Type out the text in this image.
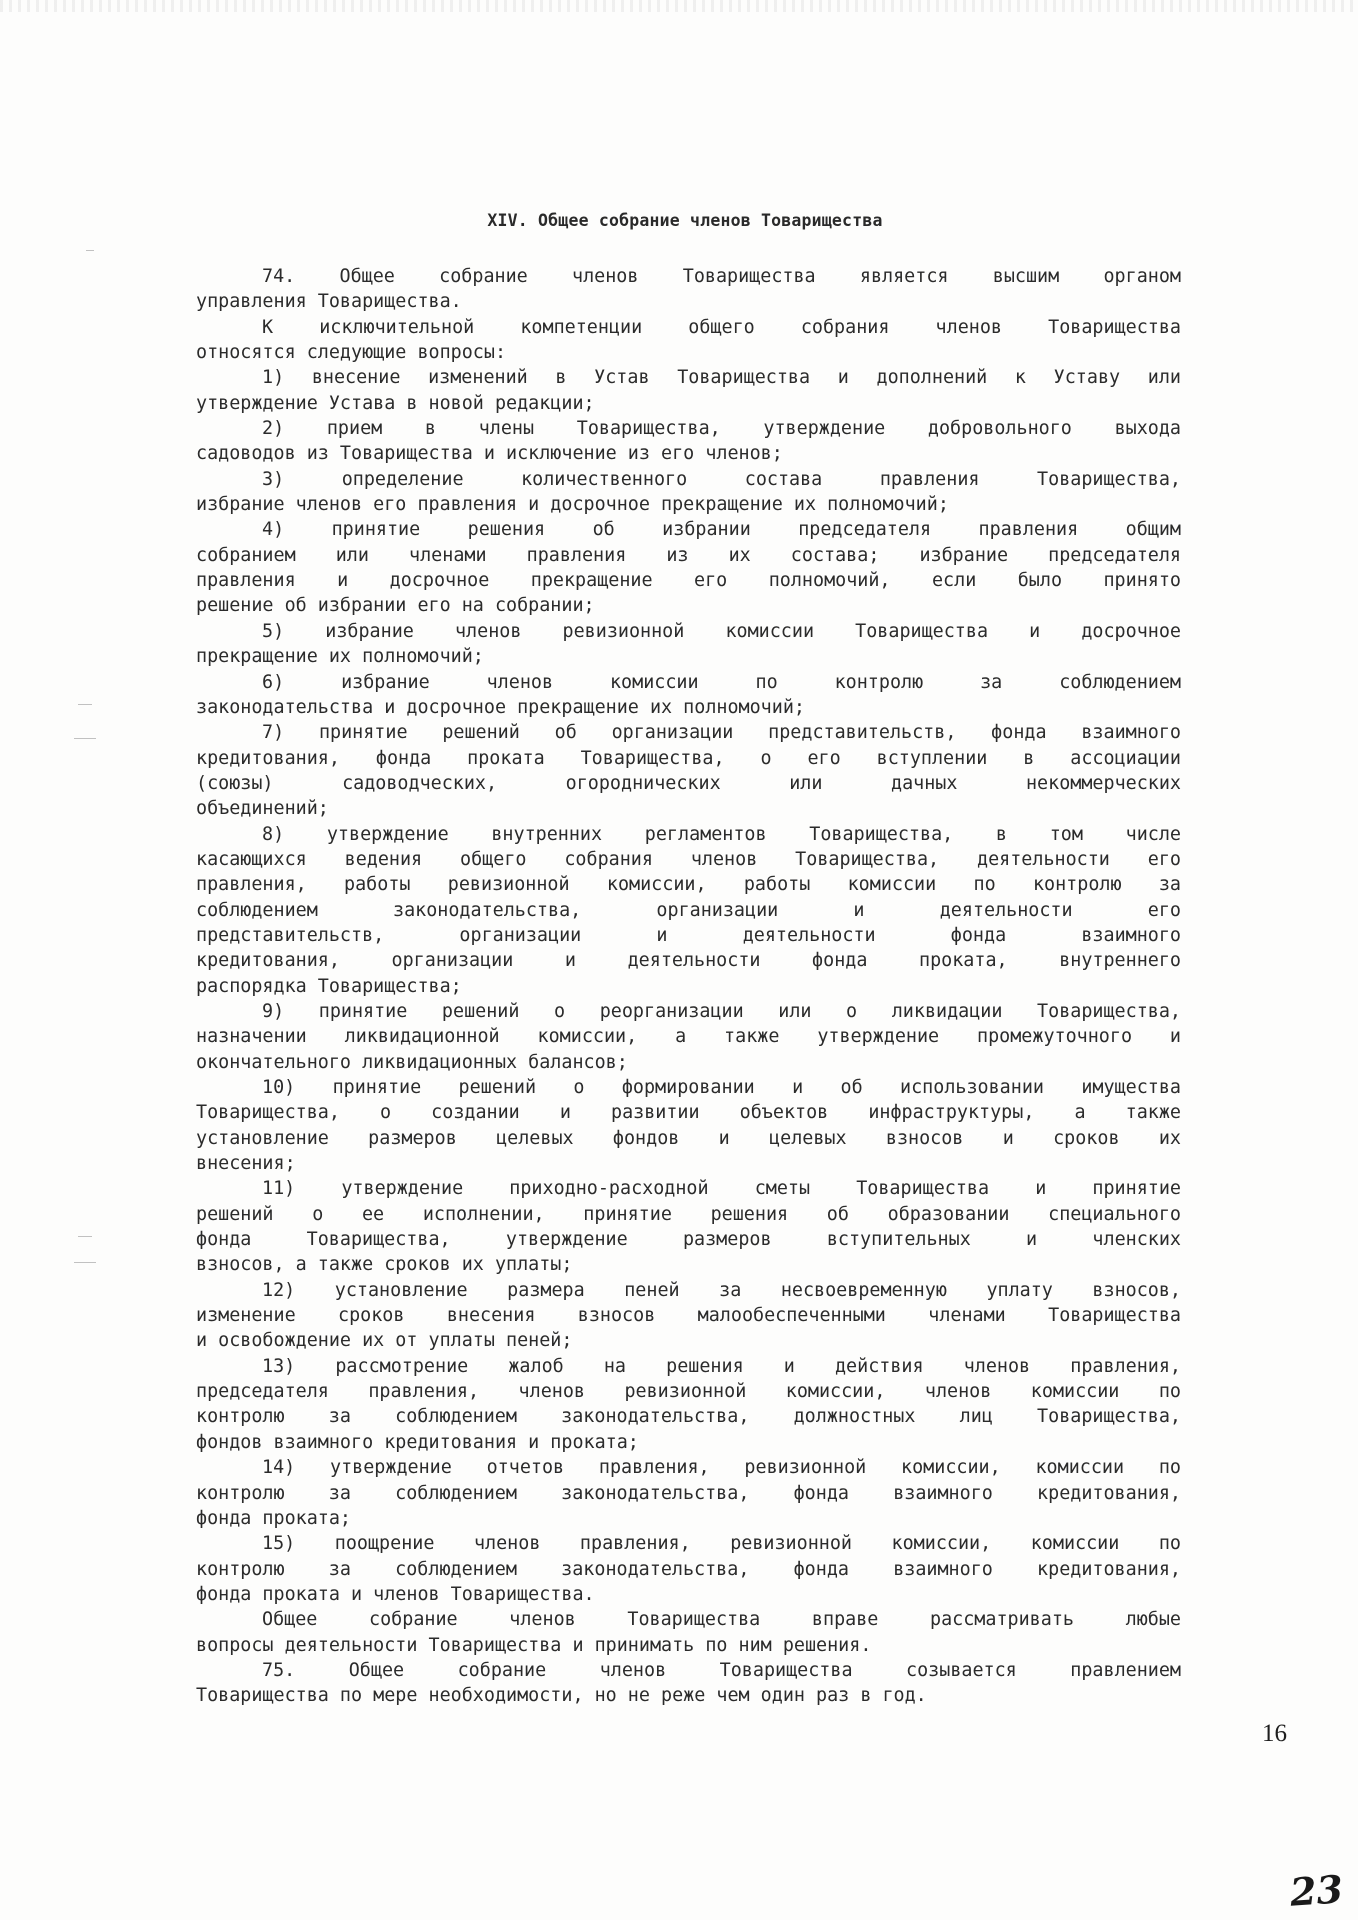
XIV. Общее собрание членов Товарищества
74. Общее собрание членов Товарищества является высшим органом
управления Товарищества.
К исключительной компетенции общего собрания членов Товарищества
относятся следующие вопросы:
1) внесение изменений в Устав Товарищества и дополнений к Уставу или
утверждение Устава в новой редакции;
2) прием в члены Товарищества, утверждение добровольного выхода
садоводов из Товарищества и исключение из его членов;
3) определение количественного состава правления Товарищества,
избрание членов его правления и досрочное прекращение их полномочий;
4) принятие решения об избрании председателя правления общим
собранием или членами правления из их состава; избрание председателя
правления и досрочное прекращение его полномочий, если было принято
решение об избрании его на собрании;
5) избрание членов ревизионной комиссии Товарищества и досрочное
прекращение их полномочий;
6) избрание членов комиссии по контролю за соблюдением
законодательства и досрочное прекращение их полномочий;
7) принятие решений об организации представительств, фонда взаимного
кредитования, фонда проката Товарищества, о его вступлении в ассоциации
(союзы) садоводческих, огороднических или дачных некоммерческих
объединений;
8) утверждение внутренних регламентов Товарищества, в том числе
касающихся ведения общего собрания членов Товарищества, деятельности его
правления, работы ревизионной комиссии, работы комиссии по контролю за
соблюдением законодательства, организации и деятельности его
представительств, организации и деятельности фонда взаимного
кредитования, организации и деятельности фонда проката, внутреннего
распорядка Товарищества;
9) принятие решений о реорганизации или о ликвидации Товарищества,
назначении ликвидационной комиссии, а также утверждение промежуточного и
окончательного ликвидационных балансов;
10) принятие решений о формировании и об использовании имущества
Товарищества, о создании и развитии объектов инфраструктуры, а также
установление размеров целевых фондов и целевых взносов и сроков их
внесения;
11) утверждение приходно-расходной сметы Товарищества и принятие
решений о ее исполнении, принятие решения об образовании специального
фонда Товарищества, утверждение размеров вступительных и членских
взносов, а также сроков их уплаты;
12) установление размера пеней за несвоевременную уплату взносов,
изменение сроков внесения взносов малообеспеченными членами Товарищества
и освобождение их от уплаты пеней;
13) рассмотрение жалоб на решения и действия членов правления,
председателя правления, членов ревизионной комиссии, членов комиссии по
контролю за соблюдением законодательства, должностных лиц Товарищества,
фондов взаимного кредитования и проката;
14) утверждение отчетов правления, ревизионной комиссии, комиссии по
контролю за соблюдением законодательства, фонда взаимного кредитования,
фонда проката;
15) поощрение членов правления, ревизионной комиссии, комиссии по
контролю за соблюдением законодательства, фонда взаимного кредитования,
фонда проката и членов Товарищества.
Общее собрание членов Товарищества вправе рассматривать любые
вопросы деятельности Товарищества и принимать по ним решения.
75. Общее собрание членов Товарищества созывается правлением
Товарищества по мере необходимости, но не реже чем один раз в год.
16
23
